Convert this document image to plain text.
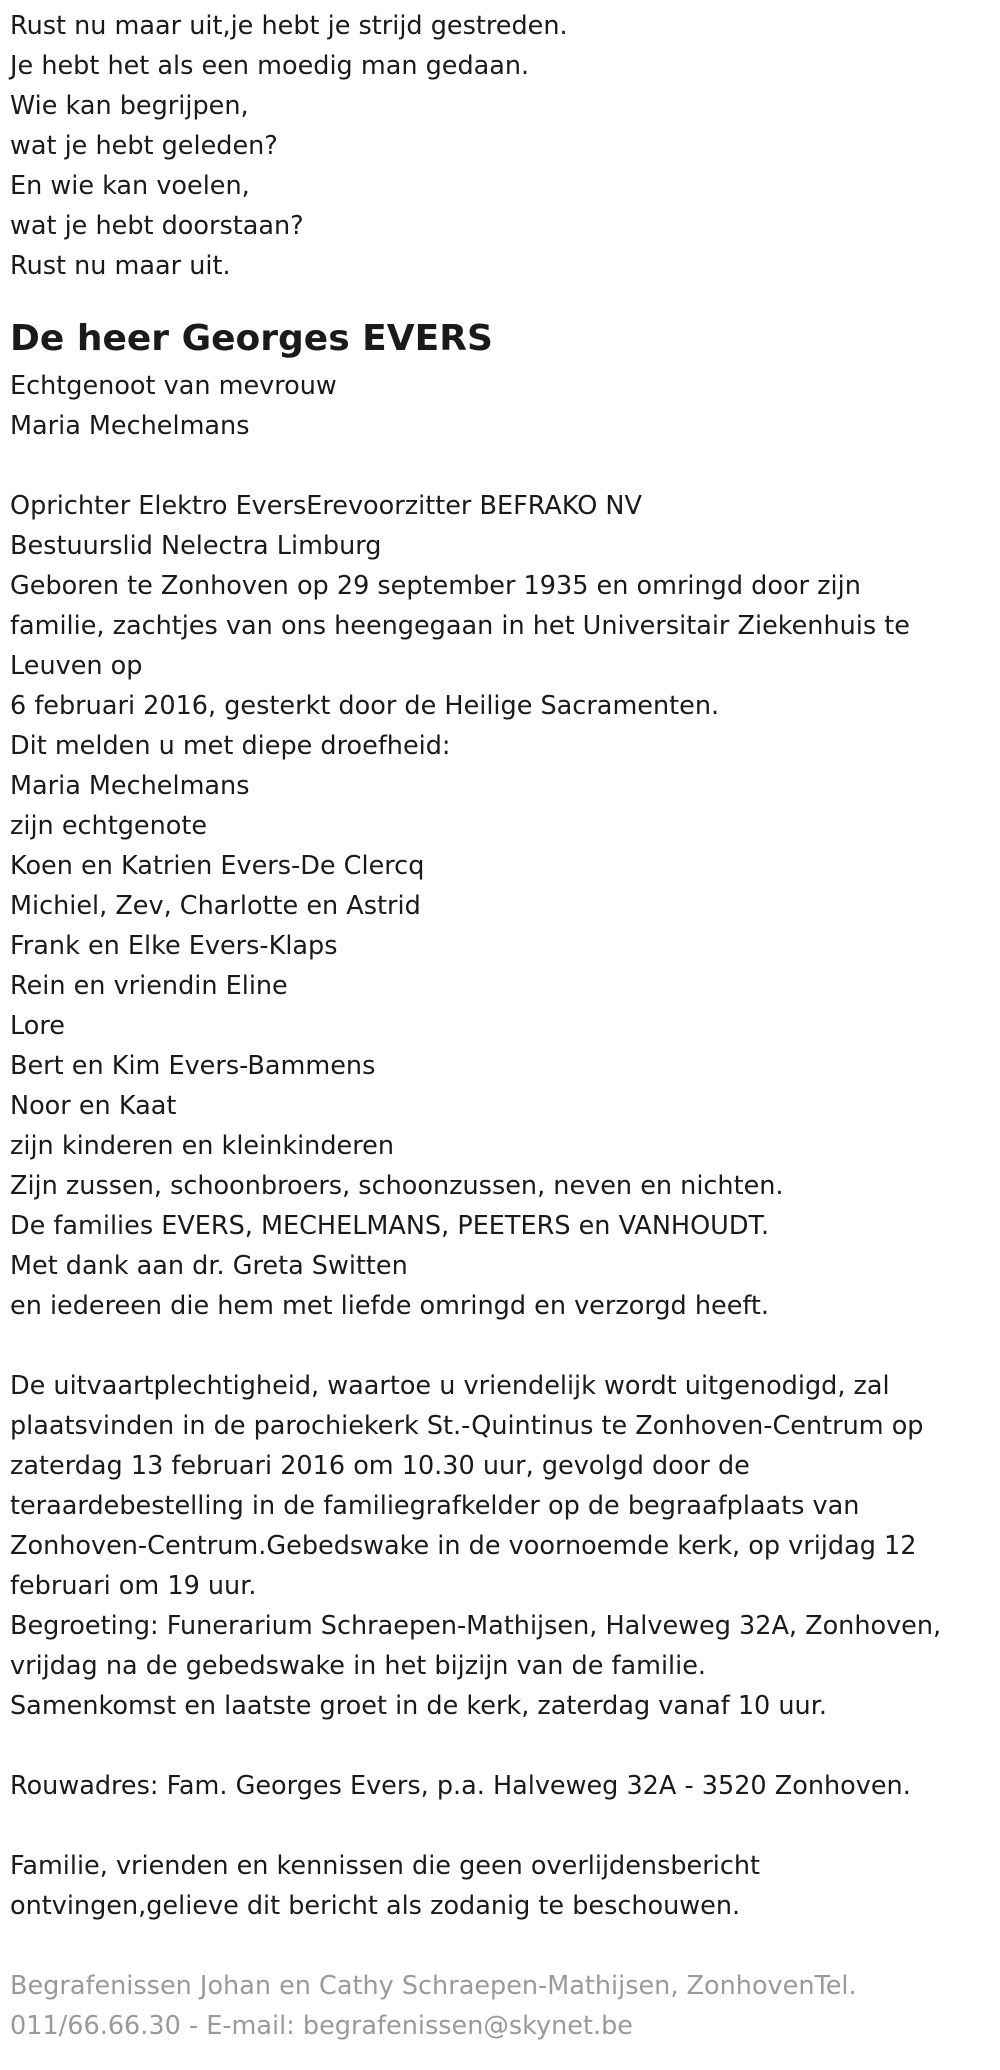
Rust nu maar uit,je hebt je strijd gestreden.
Je hebt het als een moedig man gedaan.
Wie kan begrijpen,
wat je hebt geleden?
En wie kan voelen,
wat je hebt doorstaan?
Rust nu maar uit.
De heer Georges EVERS
Echtgenoot van mevrouw
Maria Mechelmans
Oprichter Elektro EversErevoorzitter BEFRAKO NV
Bestuurslid Nelectra Limburg
Geboren te Zonhoven op 29 september 1935 en omringd door zijn
familie, zachtjes van ons heengegaan in het Universitair Ziekenhuis te
Leuven op
6 februari 2016, gesterkt door de Heilige Sacramenten.
Dit melden u met diepe droefheid:
Maria Mechelmans
zijn echtgenote
Koen en Katrien Evers-De Clercq
Michiel, Zev, Charlotte en Astrid
Frank en Elke Evers-Klaps
Rein en vriendin Eline
Lore
Bert en Kim Evers-Bammens
Noor en Kaat
zijn kinderen en kleinkinderen
Zijn zussen, schoonbroers, schoonzussen, neven en nichten.
De families EVERS, MECHELMANS, PEETERS en VANHOUDT.
Met dank aan dr. Greta Switten
en iedereen die hem met liefde omringd en verzorgd heeft.
De uitvaartplechtigheid, waartoe u vriendelijk wordt uitgenodigd, zal
plaatsvinden in de parochiekerk St.-Quintinus te Zonhoven-Centrum op
zaterdag 13 februari 2016 om 10.30 uur, gevolgd door de
teraardebestelling in de familiegrafkelder op de begraafplaats van
Zonhoven-Centrum.Gebedswake in de voornoemde kerk, op vrijdag 12
februari om 19 uur.
Begroeting: Funerarium Schraepen-Mathijsen, Halveweg 32A, Zonhoven,
vrijdag na de gebedswake in het bijzijn van de familie.
Samenkomst en laatste groet in de kerk, zaterdag vanaf 10 uur.
Rouwadres: Fam. Georges Evers, p.a. Halveweg 32A - 3520 Zonhoven.
Familie, vrienden en kennissen die geen overlijdensbericht
ontvingen,gelieve dit bericht als zodanig te beschouwen.
Begrafenissen Johan en Cathy Schraepen-Mathijsen, ZonhovenTel.
011/66.66.30 - E-mail: begrafenissen@skynet.be
